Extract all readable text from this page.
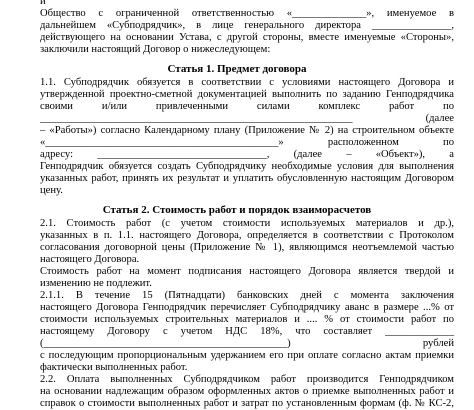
и
Общество с ограниченной ответственностью «______________», именуемое в
дальнейшем «Субподрядчик», в лице генерального директора _______________,
действующего на основании Устава, с другой стороны, вместе именуемые «Стороны»,
заключили настоящий Договор о нижеследующем:
Статья 1. Предмет договора
1.1. Субподрядчик обязуется в соответствии с условиями настоящего Договора и
утвержденной проектно-сметной документацией выполнить по заданию Генподрядчика
своими и/или привлеченными силами комплекс работ по
___________________________________________________________ (далее
– «Работы») согласно Календарному плану (Приложение № 2) на строительном объекте
«____________________________________________» расположенном по
адресу: ________________________________, (далее – «Объект»), а
Генподрядчик обязуется создать Субподрядчику необходимые условия для выполнения
указанных работ, принять их результат и уплатить обусловленную настоящим Договором
цену.
Статья 2. Стоимость работ и порядок взаиморасчетов
2.1. Стоимость работ (с учетом стоимости используемых материалов и др.),
указанных в п. 1.1. настоящего Договора, определяется в соответствии с Протоколом
согласования договорной цены (Приложение № 1), являющимся неотъемлемой частью
настоящего Договора.
Стоимость работ на момент подписания настоящего Договора является твердой и
изменению не подлежит.
2.1.1. В течение 15 (Пятнадцати) банковских дней с момента заключения
настоящего Договора Генподрядчик перечисляет Субподрядчику аванс в размере ...% от
стоимости используемых строительных материалов и .... % от стоимости работ по
настоящему Договору с учетом НДС 18%, что составляет _____________
(______________________________________________) рублей
с последующим пропорциональным удержанием его при оплате согласно актам приемки
фактически выполненных работ.
2.2. Оплата выполненных Субподрядчиком работ производится Генподрядчиком
на основании надлежащим образом оформленных актов о приемке выполненных работ и
справок о стоимости выполненных работ и затрат по установленным формам (ф. № КС-2,
